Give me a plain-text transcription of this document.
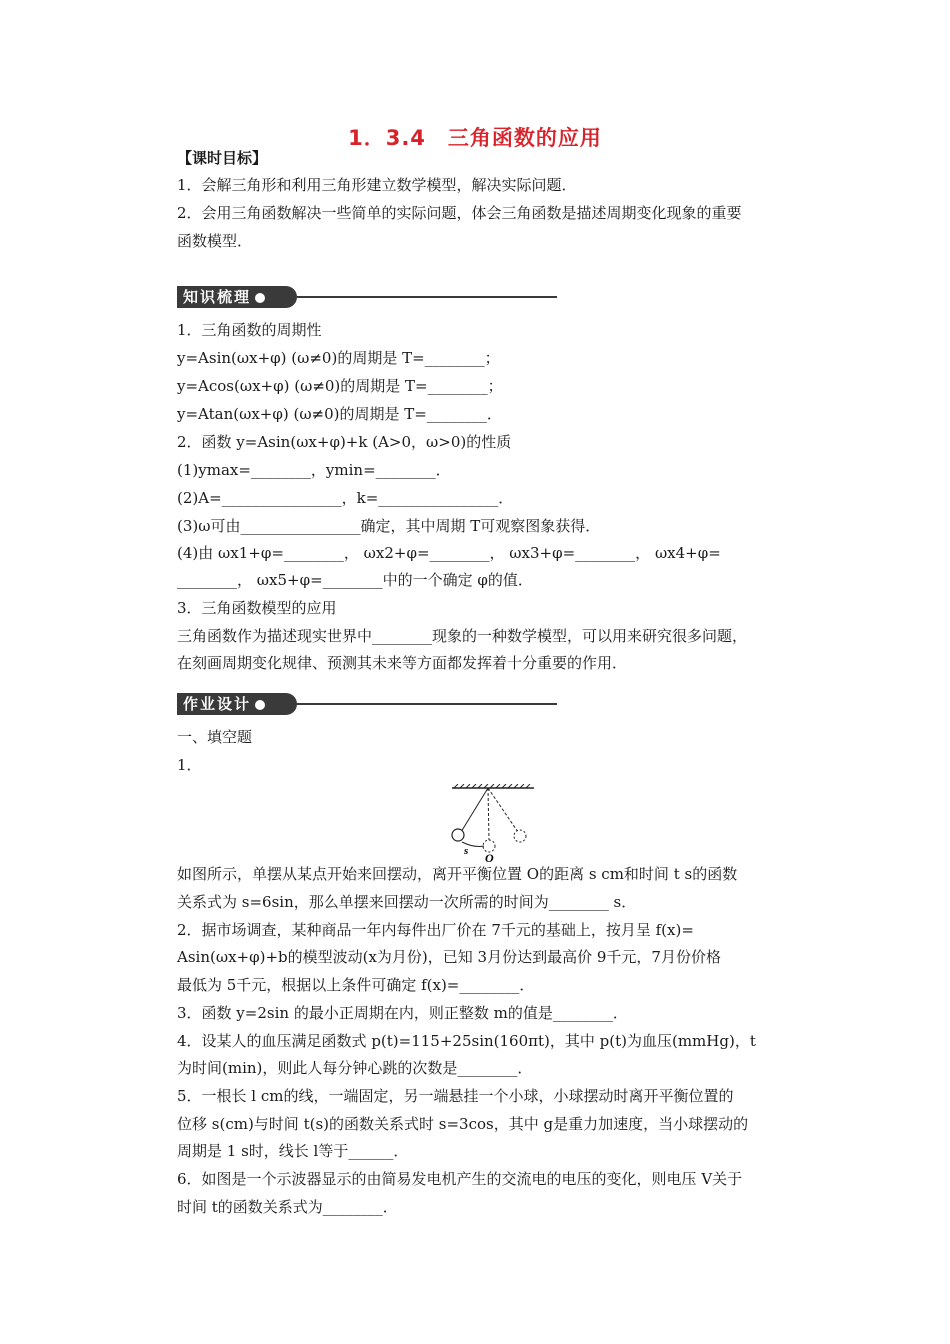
1．3.4　三角函数的应用
【课时目标】
1．会解三角形和利用三角形建立数学模型，解决实际问题．
2．会用三角函数解决一些简单的实际问题，体会三角函数是描述周期变化现象的重要
函数模型．
知识梳理
1．三角函数的周期性
y=Asin(ωx+φ) (ω≠0)的周期是 T=________；
y=Acos(ωx+φ) (ω≠0)的周期是 T=________；
y=Atan(ωx+φ) (ω≠0)的周期是 T=________．
2．函数 y=Asin(ωx+φ)+k (A>0，ω>0)的性质
(1)ymax=________，ymin=________．
(2)A=________________，k=________________．
(3)ω可由________________确定，其中周期 T可观察图象获得．
(4)由 ωx1+φ=________， ωx2+φ=________， ωx3+φ=________， ωx4+φ=
________， ωx5+φ=________中的一个确定 φ的值．
3．三角函数模型的应用
三角函数作为描述现实世界中________现象的一种数学模型，可以用来研究很多问题，
在刻画周期变化规律、预测其未来等方面都发挥着十分重要的作用．
作业设计
一、填空题
1．
s O
如图所示，单摆从某点开始来回摆动，离开平衡位置 O的距离 s cm和时间 t s的函数
关系式为 s=6sin，那么单摆来回摆动一次所需的时间为________ s．
2．据市场调查，某种商品一年内每件出厂价在 7千元的基础上，按月呈 f(x)=
Asin(ωx+φ)+b的模型波动(x为月份)，已知 3月份达到最高价 9千元，7月份价格
最低为 5千元，根据以上条件可确定 f(x)=________．
3．函数 y=2sin 的最小正周期在内，则正整数 m的值是________．
4．设某人的血压满足函数式 p(t)=115+25sin(160πt)，其中 p(t)为血压(mmHg)，t
为时间(min)，则此人每分钟心跳的次数是________．
5．一根长 l cm的线，一端固定，另一端悬挂一个小球，小球摆动时离开平衡位置的
位移 s(cm)与时间 t(s)的函数关系式时 s=3cos，其中 g是重力加速度，当小球摆动的
周期是 1 s时，线长 l等于______．
6．如图是一个示波器显示的由简易发电机产生的交流电的电压的变化，则电压 V关于
时间 t的函数关系式为________．
